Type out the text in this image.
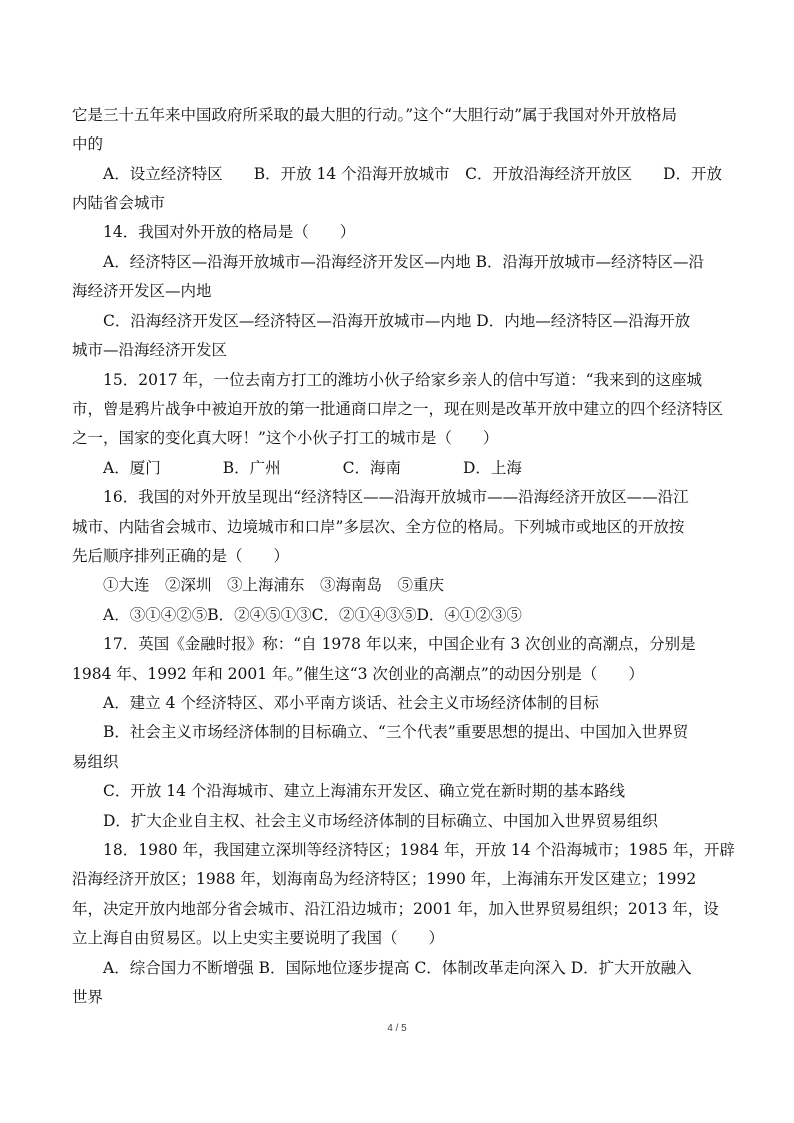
它是三十五年来中国政府所采取的最大胆的行动。”这个“大胆行动”属于我国对外开放格局
中的
A．设立经济特区　　B．开放 14 个沿海开放城市　C．开放沿海经济开放区　　D．开放
内陆省会城市
14．我国对外开放的格局是（　　）
A．经济特区—沿海开放城市—沿海经济开发区—内地 B．沿海开放城市—经济特区—沿
海经济开发区—内地
C．沿海经济开发区—经济特区—沿海开放城市—内地 D．内地—经济特区—沿海开放
城市—沿海经济开发区
15．2017 年，一位去南方打工的潍坊小伙子给家乡亲人的信中写道：“我来到的这座城
市，曾是鸦片战争中被迫开放的第一批通商口岸之一，现在则是改革开放中建立的四个经济特区
之一，国家的变化真大呀！”这个小伙子打工的城市是（　　）
A．厦门　　　　B．广州　　　　C．海南　　　　D．上海
16．我国的对外开放呈现出“经济特区——沿海开放城市——沿海经济开放区——沿江
城市、内陆省会城市、边境城市和口岸”多层次、全方位的格局。下列城市或地区的开放按
先后顺序排列正确的是（　　）
①大连　②深圳　③上海浦东　③海南岛　⑤重庆
A．③①④②⑤B．②④⑤①③C．②①④③⑤D．④①②③⑤
17．英国《金融时报》称：“自 1978 年以来，中国企业有 3 次创业的高潮点，分别是
1984 年、1992 年和 2001 年。”催生这“3 次创业的高潮点”的动因分别是（　　）
A．建立 4 个经济特区、邓小平南方谈话、社会主义市场经济体制的目标
B．社会主义市场经济体制的目标确立、“三个代表”重要思想的提出、中国加入世界贸
易组织
C．开放 14 个沿海城市、建立上海浦东开发区、确立党在新时期的基本路线
D．扩大企业自主权、社会主义市场经济体制的目标确立、中国加入世界贸易组织
18．1980 年，我国建立深圳等经济特区；1984 年，开放 14 个沿海城市；1985 年，开辟
沿海经济开放区；1988 年，划海南岛为经济特区；1990 年，上海浦东开发区建立；1992
年，决定开放内地部分省会城市、沿江沿边城市；2001 年，加入世界贸易组织；2013 年，设
立上海自由贸易区。以上史实主要说明了我国（　　）
A．综合国力不断增强 B．国际地位逐步提高 C．体制改革走向深入 D．扩大开放融入
世界
4 / 5
